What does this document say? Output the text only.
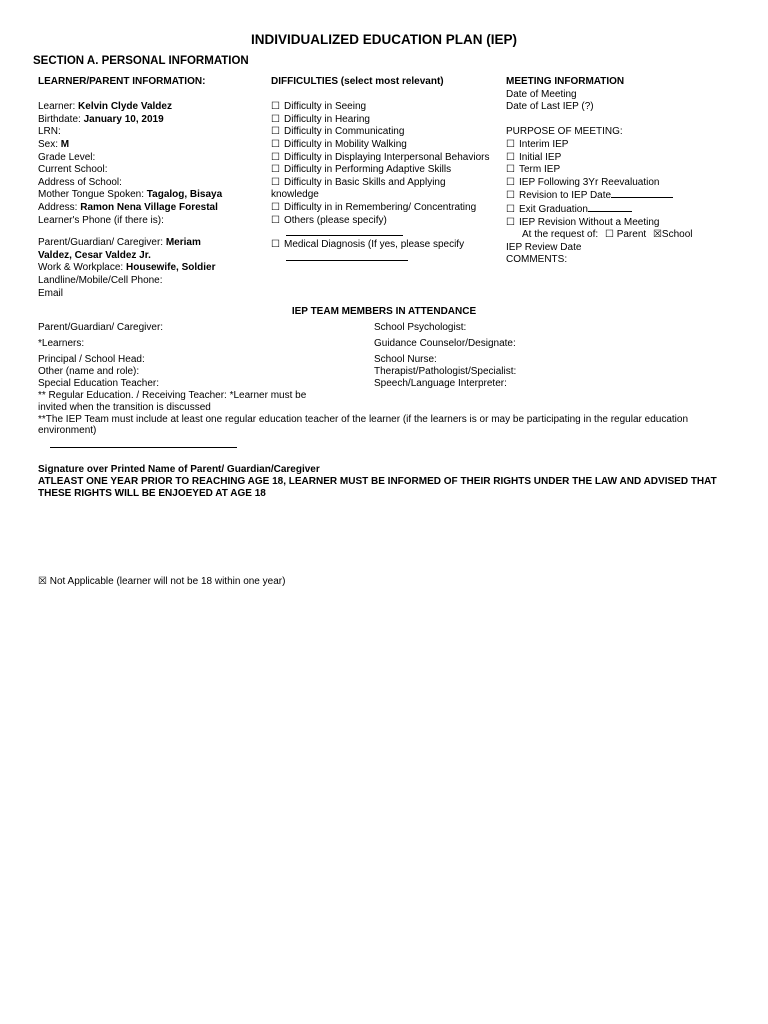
INDIVIDUALIZED EDUCATION PLAN (IEP)
SECTION A. PERSONAL INFORMATION
LEARNER/PARENT INFORMATION:
Learner: Kelvin Clyde Valdez
Birthdate: January 10, 2019
LRN:
Sex: M
Grade Level:
Current School:
Address of School:
Mother Tongue Spoken: Tagalog, Bisaya
Address: Ramon Nena Village Forestal
Learner's Phone (if there is):
Parent/Guardian/ Caregiver: Meriam
Valdez, Cesar Valdez Jr.
Work & Workplace: Housewife, Soldier
Landline/Mobile/Cell Phone:
Email
DIFFICULTIES (select most relevant)
☐ Difficulty in Seeing
☐ Difficulty in Hearing
☐ Difficulty in Communicating
☐ Difficulty in Mobility Walking
☐ Difficulty in Displaying Interpersonal Behaviors
☐ Difficulty in Performing Adaptive Skills
☐ Difficulty in Basic Skills and Applying
knowledge
☐ Difficulty in in Remembering/ Concentrating
☐ Others (please specify)
☐ Medical Diagnosis (If yes, please specify
MEETING INFORMATION
Date of Meeting
Date of Last IEP (?)
PURPOSE OF MEETING:
☐ Interim IEP
☐ Initial IEP
☐ Term IEP
☐ IEP Following 3Yr Reevaluation
☐ Revision to IEP Date
☐ Exit Graduation
☐ IEP Revision Without a Meeting
At the request of: ☐ Parent ☒School
IEP Review Date
COMMENTS:
IEP TEAM MEMBERS IN ATTENDANCE
Parent/Guardian/ Caregiver:
*Learners:
Principal / School Head:
Other (name and role):
Special Education Teacher:
School Psychologist:
Guidance Counselor/Designate:
School Nurse:
Therapist/Pathologist/Specialist:
Speech/Language Interpreter:
** Regular Education. / Receiving Teacher: *Learner must be
invited when the transition is discussed
**The IEP Team must include at least one regular education teacher of the learner (if the learners is or may be participating in the regular education
environment)
Signature over Printed Name of Parent/ Guardian/Caregiver
ATLEAST ONE YEAR PRIOR TO REACHING AGE 18, LEARNER MUST BE INFORMED OF THEIR RIGHTS UNDER THE LAW AND ADVISED THAT
THESE RIGHTS WILL BE ENJOEYED AT AGE 18
☒ Not Applicable (learner will not be 18 within one year)
